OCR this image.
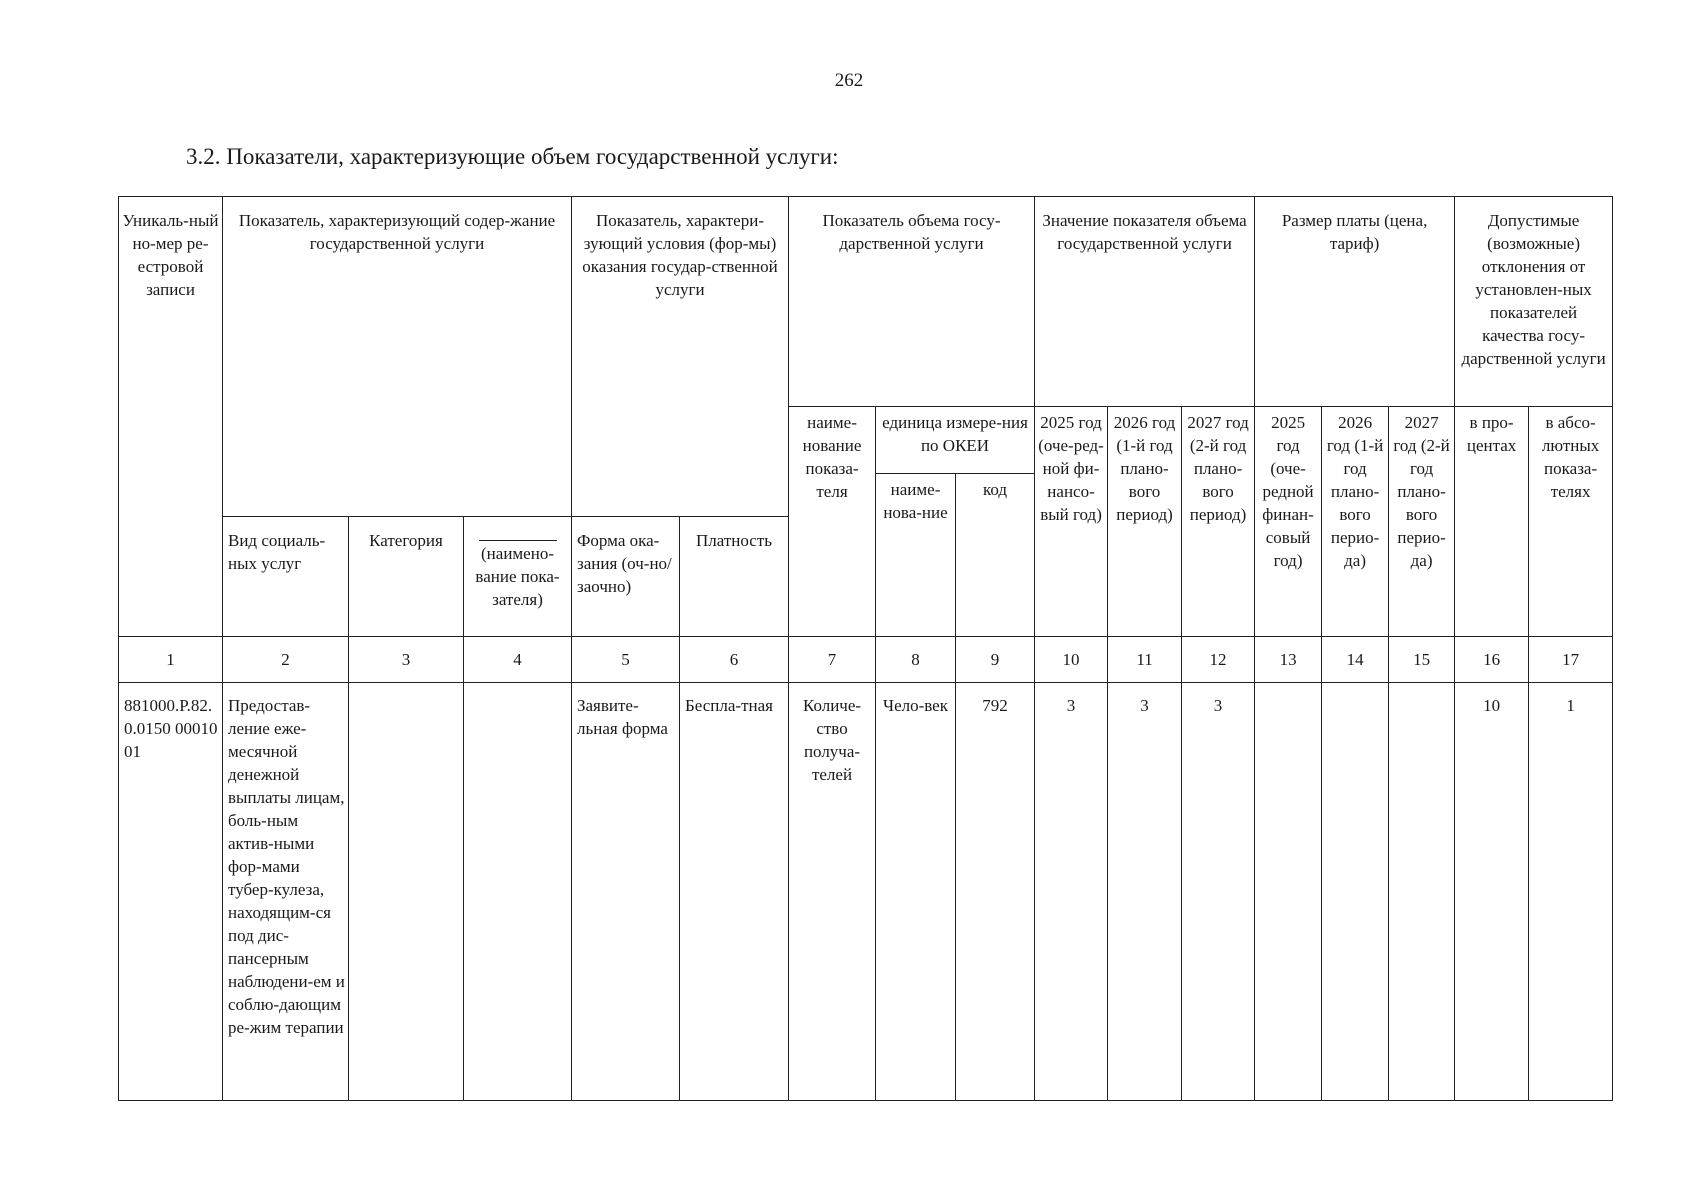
262
3.2. Показатели, характеризующие объем государственной услуги:
Уникаль-ный но-мер ре-естровой записи	Показатель, характеризующий содер-жание государственной услуги			Показатель, характери-зующий условия (фор-мы) оказания государ-ственной услуги		Показатель объема госу-дарственной услуги			Значение показателя объема государственной услуги			Размер платы (цена, тариф)			Допустимые (возможные) отклонения от установлен-ных показателей качества госу-дарственной услуги	
						наиме-нование показа-теля	единица измере-ния по ОКЕИ		2025 год (оче-ред-ной фи-нансо-вый год)	2026 год (1-й год плано-вого период)	2027 год (2-й год плано-вого период)	2025 год (оче-редной финан-совый год)	2026 год (1-й год плано-вого перио-да)	2027 год (2-й год плано-вого перио-да)	в про-центах	в абсо-лютных показа-телях
							наиме-нова-ние	код								
	Вид социаль-ных услуг	Категория	(наимено-вание пока-зателя)	Форма ока-зания (оч-но/заочно)	Платность											
1	2	3	4	5	6	7	8	9	10	11	12	13	14	15	16	17
881000.Р.82.0.0150 0001001	Предостав-ление еже-месячной денежной выплаты лицам, боль-ным актив-ными фор-мами тубер-кулеза, находящим-ся под дис-пансерным наблюдени-ем и соблю-дающим ре-жим терапии			Заявите-льная форма	Бесплa-тная	Количе-ство получа-телей	Чело-век	792	3	3	3				10	1
